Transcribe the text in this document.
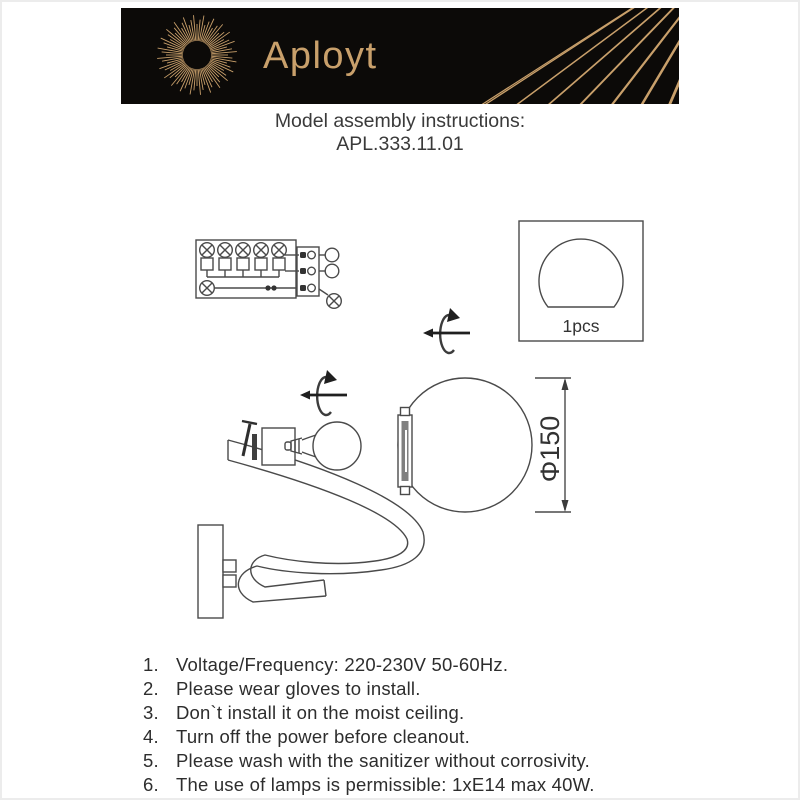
Aployt
Model assembly instructions:
APL.333.11.01
1pcs
Φ150
1. Voltage/Frequency: 220-230V 50-60Hz.
2. Please wear gloves to install.
3. Don`t install it on the moist ceiling.
4. Turn off the power before cleanout.
5. Please wash with the sanitizer without corrosivity.
6. The use of lamps is permissible: 1xE14 max 40W.
